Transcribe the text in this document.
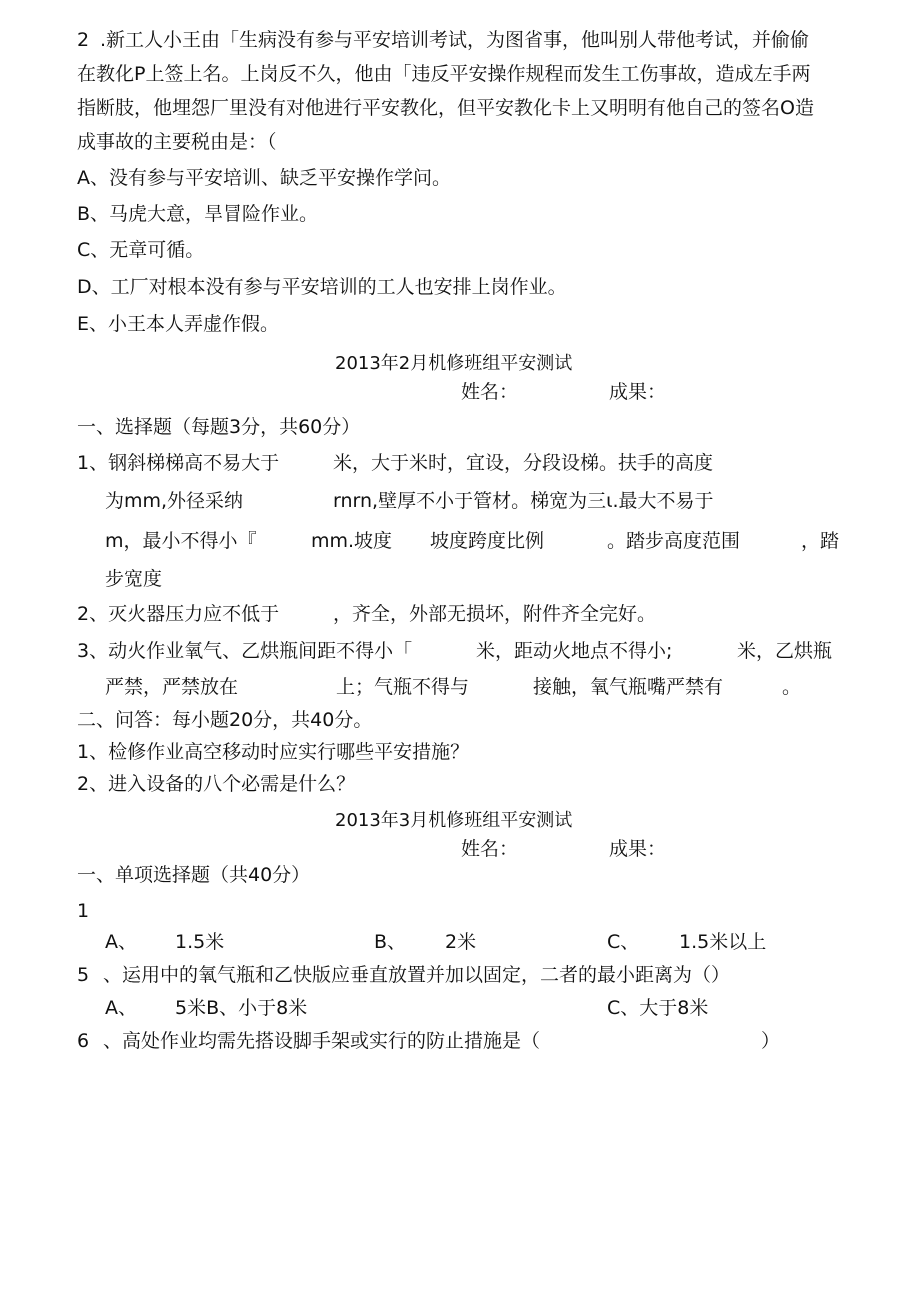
2 .新工人小王由「生病没有参与平安培训考试，为图省事，他叫别人带他考试，并偷偷
在教化P上签上名。上岗反不久，他由「违反平安操作规程而发生工伤事故，造成左手两
指断肢，他埋怨厂里没有对他进行平安教化，但平安教化卡上又明明有他自己的签名O造
成事故的主要税由是：（
A、没有参与平安培训、缺乏平安操作学问。
B、马虎大意，旱冒险作业。
C、无章可循。
D、工厂对根本没有参与平安培训的工人也安排上岗作业。
E、小王本人弄虚作假。
2013年2月机修班组平安测试
姓名：	成果：
一、选择题（每题3分，共60分）
1、钢斜梯梯高不易大于	米，大于米时，宜设，分段设梯。扶手的高度
为mm,外径采纳	rnrn,壁厚不小于管材。梯宽为三ι.最大不易于
m，最小不得小『	mm.坡度 坡度跨度比例	。踏步高度范围	，踏
步宽度
2、灭火器压力应不低于	，齐全，外部无损坏，附件齐全完好。
3、动火作业氧气、乙烘瓶间距不得小「	米，距动火地点不得小;	米，乙烘瓶
严禁，严禁放在	上；气瓶不得与	接触，氧气瓶嘴严禁有	。
二、问答：每小题20分，共40分。
1、检修作业高空移动时应实行哪些平安措施？
2、进入设备的八个必需是什么？
2013年3月机修班组平安测试
姓名：	成果：
一、单项选择题（共40分）
1
A、 1.5米	B、 2米	C、 1.5米以上
5 、运用中的氧气瓶和乙快版应垂直放置并加以固定，二者的最小距离为（）
A、 5米B、小于8米	C、大于8米
6 、高处作业均需先搭设脚手架或实行的防止措施是（	）
